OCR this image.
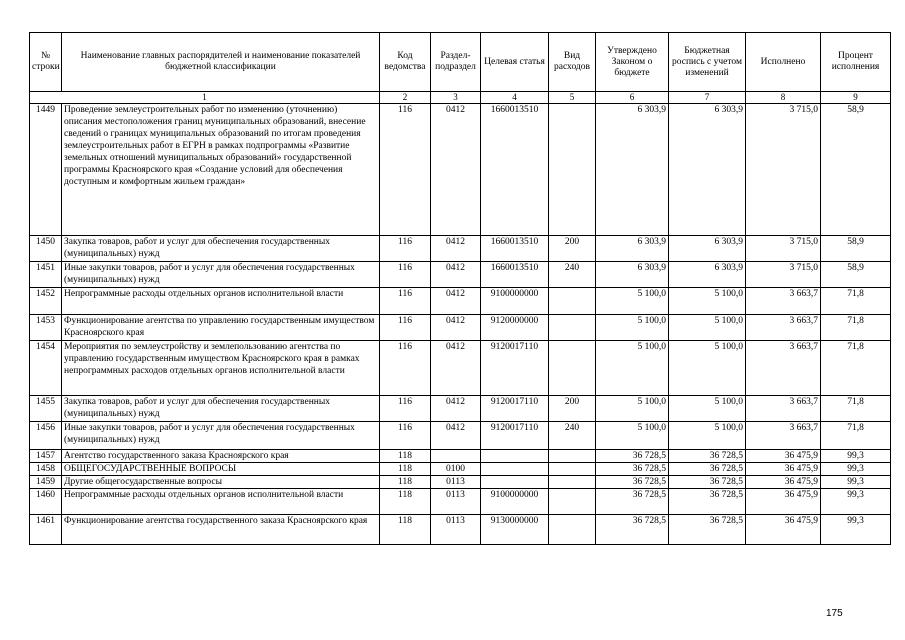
№ строки	Наименование главных распорядителей и наименование показателей бюджетной классификации	Код ведомства	Раздел-подраздел	Целевая статья	Вид расходов	Утверждено Законом о бюджете	Бюджетная роспись с учетом изменений	Исполнено	Процент исполнения
1		2	3	4	5	6	7	8	9
1449	Проведение землеустроительных работ по изменению (уточнению) описания местоположения границ муниципальных образований, внесение сведений о границах муниципальных образований по итогам проведения землеустроительных работ в ЕГРН в рамках подпрограммы «Развитие земельных отношений муниципальных образований» государственной программы Красноярского края «Создание условий для обеспечения доступным и комфортным жильем граждан»	116	0412	1660013510		6 303,9	6 303,9	3 715,0	58,9
1450	Закупка товаров, работ и услуг для обеспечения государственных (муниципальных) нужд	116	0412	1660013510	200	6 303,9	6 303,9	3 715,0	58,9
1451	Иные закупки товаров, работ и услуг для обеспечения государственных (муниципальных) нужд	116	0412	1660013510	240	6 303,9	6 303,9	3 715,0	58,9
1452	Непрограммные расходы отдельных органов исполнительной власти	116	0412	9100000000		5 100,0	5 100,0	3 663,7	71,8
1453	Функционирование агентства по управлению государственным имуществом Красноярского края	116	0412	9120000000		5 100,0	5 100,0	3 663,7	71,8
1454	Мероприятия по землеустройству и землепользованию агентства по управлению государственным имуществом Красноярского края в рамках непрограммных расходов отдельных органов исполнительной власти	116	0412	9120017110		5 100,0	5 100,0	3 663,7	71,8
1455	Закупка товаров, работ и услуг для обеспечения государственных (муниципальных) нужд	116	0412	9120017110	200	5 100,0	5 100,0	3 663,7	71,8
1456	Иные закупки товаров, работ и услуг для обеспечения государственных (муниципальных) нужд	116	0412	9120017110	240	5 100,0	5 100,0	3 663,7	71,8
1457	Агентство государственного заказа Красноярского края	118				36 728,5	36 728,5	36 475,9	99,3
1458	ОБЩЕГОСУДАРСТВЕННЫЕ ВОПРОСЫ	118	0100			36 728,5	36 728,5	36 475,9	99,3
1459	Другие общегосударственные вопросы	118	0113			36 728,5	36 728,5	36 475,9	99,3
1460	Непрограммные расходы отдельных органов исполнительной власти	118	0113	9100000000		36 728,5	36 728,5	36 475,9	99,3
1461	Функционирование агентства государственного заказа Красноярского края	118	0113	9130000000		36 728,5	36 728,5	36 475,9	99,3
175
